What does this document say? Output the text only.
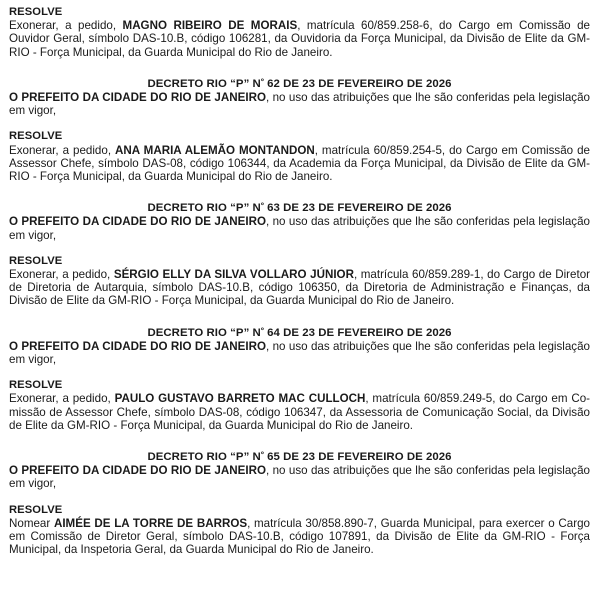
RESOLVE

Exonerar, a pedido, MAGNO RIBEIRO DE MORAIS, matrícula 60/859.258-6, do Cargo em Comissão de Ouvidor Geral, símbolo DAS-10.B, código 106281, da Ouvidoria da Força Municipal, da Divisão de Elite da GM-RIO - Força Municipal, da Guarda Municipal do Rio de Janeiro.

DECRETO RIO “P” $N^º$ 62 DE 23 DE FEVEREIRO DE 2026

O PREFEITO DA CIDADE DO RIO DE JANEIRO, no uso das atribuições que lhe são conferidas pela legislação em vigor,

RESOLVE

Exonerar, a pedido, ANA MARIA ALEMÃO MONTANDON, matrícula 60/859.254-5, do Cargo em Comissão de Assessor Chefe, símbolo DAS-08, código 106344, da Academia da Força Municipal, da Divisão de Elite da GM-RIO - Força Municipal, da Guarda Municipal do Rio de Janeiro.

DECRETO RIO “P” $N^º$ 63 DE 23 DE FEVEREIRO DE 2026

O PREFEITO DA CIDADE DO RIO DE JANEIRO, no uso das atribuições que lhe são conferidas pela legislação em vigor,

RESOLVE

Exonerar, a pedido, SÉRGIO ELLY DA SILVA VOLLARO JÚNIOR, matrícula 60/859.289-1, do Cargo de Diretor de Diretoria de Autarquia, símbolo DAS-10.B, código 106350, da Diretoria de Administração e Finanças, da Divisão de Elite da GM-RIO - Força Municipal, da Guarda Municipal do Rio de Janeiro.

DECRETO RIO “P” $N^º$ 64 DE 23 DE FEVEREIRO DE 2026

O PREFEITO DA CIDADE DO RIO DE JANEIRO, no uso das atribuições que lhe são conferidas pela legislação em vigor,

RESOLVE

Exonerar, a pedido, PAULO GUSTAVO BARRETO MAC CULLOCH, matrícula 60/859.249-5, do Cargo em Co-missão de Assessor Chefe, símbolo DAS-08, código 106347, da Assessoria de Comunicação Social, da Divisão de Elite da GM-RIO - Força Municipal, da Guarda Municipal do Rio de Janeiro.

DECRETO RIO “P” $N^º$ 65 DE 23 DE FEVEREIRO DE 2026

O PREFEITO DA CIDADE DO RIO DE JANEIRO, no uso das atribuições que lhe são conferidas pela legislação em vigor,

RESOLVE

Nomear AIMÉE DE LA TORRE DE BARROS, matrícula 30/858.890-7, Guarda Municipal, para exercer o Cargo em Comissão de Diretor Geral, símbolo DAS-10.B, código 107891, da Divisão de Elite da GM-RIO - Força Municipal, da Inspetoria Geral, da Guarda Municipal do Rio de Janeiro.
